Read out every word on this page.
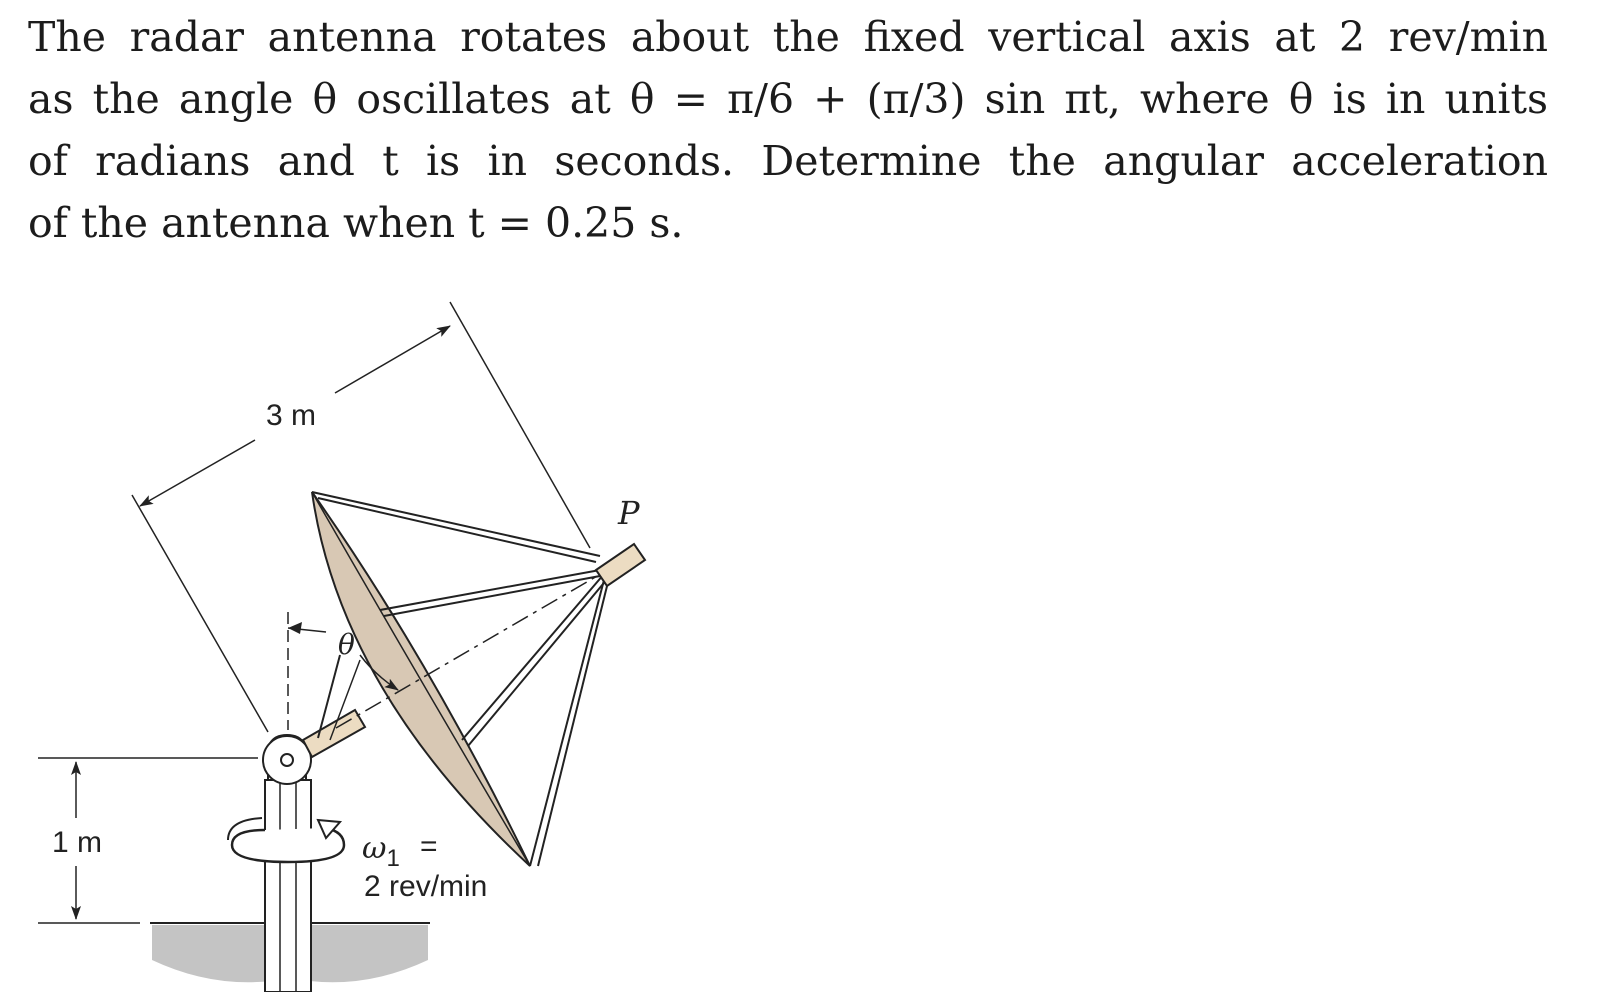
The radar antenna rotates about the fixed vertical axis at 2 rev/min
as the angle θ oscillates at θ = π/6 + (π/3) sin πt, where θ is in units
of radians and t is in seconds. Determine the angular acceleration
of the antenna when t = 0.25 s.
3 m
θ
P
1 m	$\omega_1$ =
2 rev/min
